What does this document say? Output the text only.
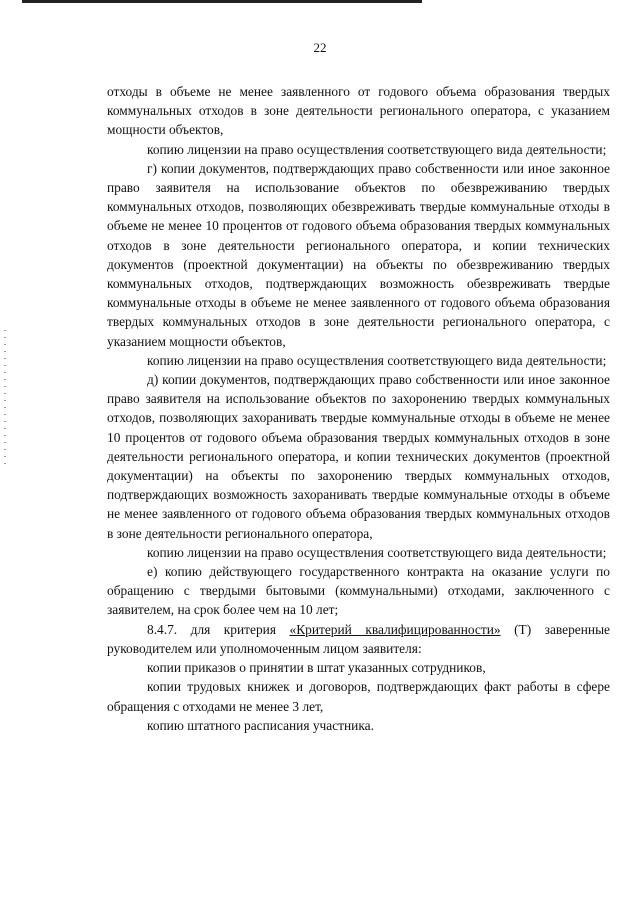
22

отходы в объеме не менее заявленного от годового объема образования твердых коммунальных отходов в зоне деятельности регионального оператора, с указанием мощности объектов,

копию лицензии на право осуществления соответствующего вида деятельности;

г) копии документов, подтверждающих право собственности или иное законное право заявителя на использование объектов по обезвреживанию твердых коммунальных отходов, позволяющих обезвреживать твердые коммунальные отходы в объеме не менее 10 процентов от годового объема образования твердых коммунальных отходов в зоне деятельности регионального оператора, и копии технических документов (проектной документации) на объекты по обезвреживанию твердых коммунальных отходов, подтверждающих возможность обезвреживать твердые коммунальные отходы в объеме не менее заявленного от годового объема образования твердых коммунальных отходов в зоне деятельности регионального оператора, с указанием мощности объектов,

копию лицензии на право осуществления соответствующего вида деятельности;

д) копии документов, подтверждающих право собственности или иное законное право заявителя на использование объектов по захоронению твердых коммунальных отходов, позволяющих захоранивать твердые коммунальные отходы в объеме не менее 10 процентов от годового объема образования твердых коммунальных отходов в зоне деятельности регионального оператора, и копии технических документов (проектной документации) на объекты по захоронению твердых коммунальных отходов, подтверждающих возможность захоранивать твердые коммунальные отходы в объеме не менее заявленного от годового объема образования твердых коммунальных отходов в зоне деятельности регионального оператора,

копию лицензии на право осуществления соответствующего вида деятельности;

е) копию действующего государственного контракта на оказание услуги по обращению с твердыми бытовыми (коммунальными) отходами, заключенного с заявителем, на срок более чем на 10 лет;

8.4.7. для критерия «Критерий квалифицированности» (Т) заверенные руководителем или уполномоченным лицом заявителя:

копии приказов о принятии в штат указанных сотрудников,

копии трудовых книжек и договоров, подтверждающих факт работы в сфере обращения с отходами не менее 3 лет,

копию штатного расписания участника.
